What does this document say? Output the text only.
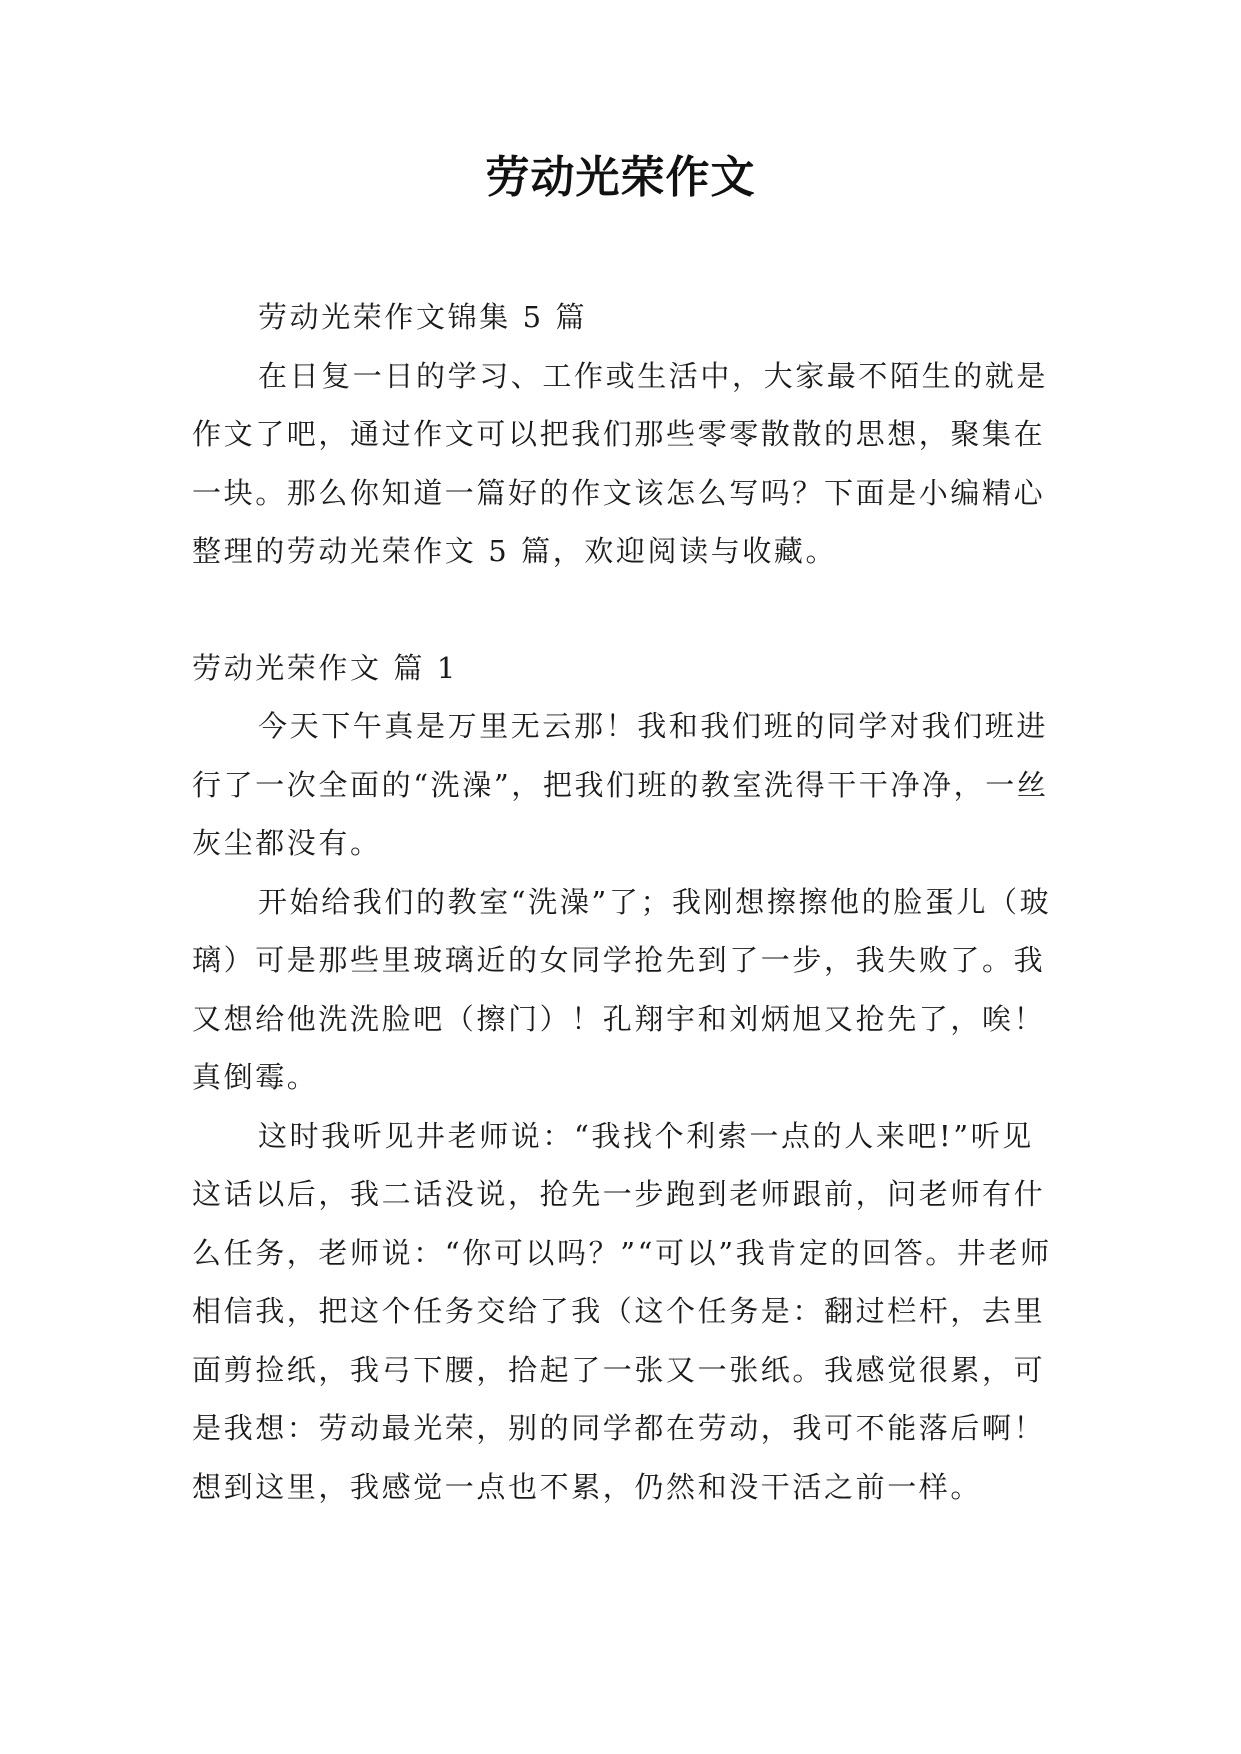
劳动光荣作文

劳动光荣作文锦集 5 篇

在日复一日的学习、工作或生活中，大家最不陌生的就是作文了吧，通过作文可以把我们那些零零散散的思想，聚集在一块。那么你知道一篇好的作文该怎么写吗？下面是小编精心整理的劳动光荣作文 5 篇，欢迎阅读与收藏。

劳动光荣作文 篇 1

今天下午真是万里无云那！我和我们班的同学对我们班进行了一次全面的“洗澡”，把我们班的教室洗得干干净净，一丝灰尘都没有。

开始给我们的教室“洗澡”了；我刚想擦擦他的脸蛋儿（玻璃）可是那些里玻璃近的女同学抢先到了一步，我失败了。我又想给他洗洗脸吧（擦门）！孔翔宇和刘炳旭又抢先了，唉！真倒霉。

这时我听见井老师说：“我找个利索一点的人来吧!”听见这话以后，我二话没说，抢先一步跑到老师跟前，问老师有什么任务，老师说：“你可以吗？”“可以”我肯定的回答。井老师相信我，把这个任务交给了我（这个任务是：翻过栏杆，去里面剪捡纸，我弓下腰，拾起了一张又一张纸。我感觉很累，可是我想：劳动最光荣，别的同学都在劳动，我可不能落后啊！想到这里，我感觉一点也不累，仍然和没干活之前一样。
